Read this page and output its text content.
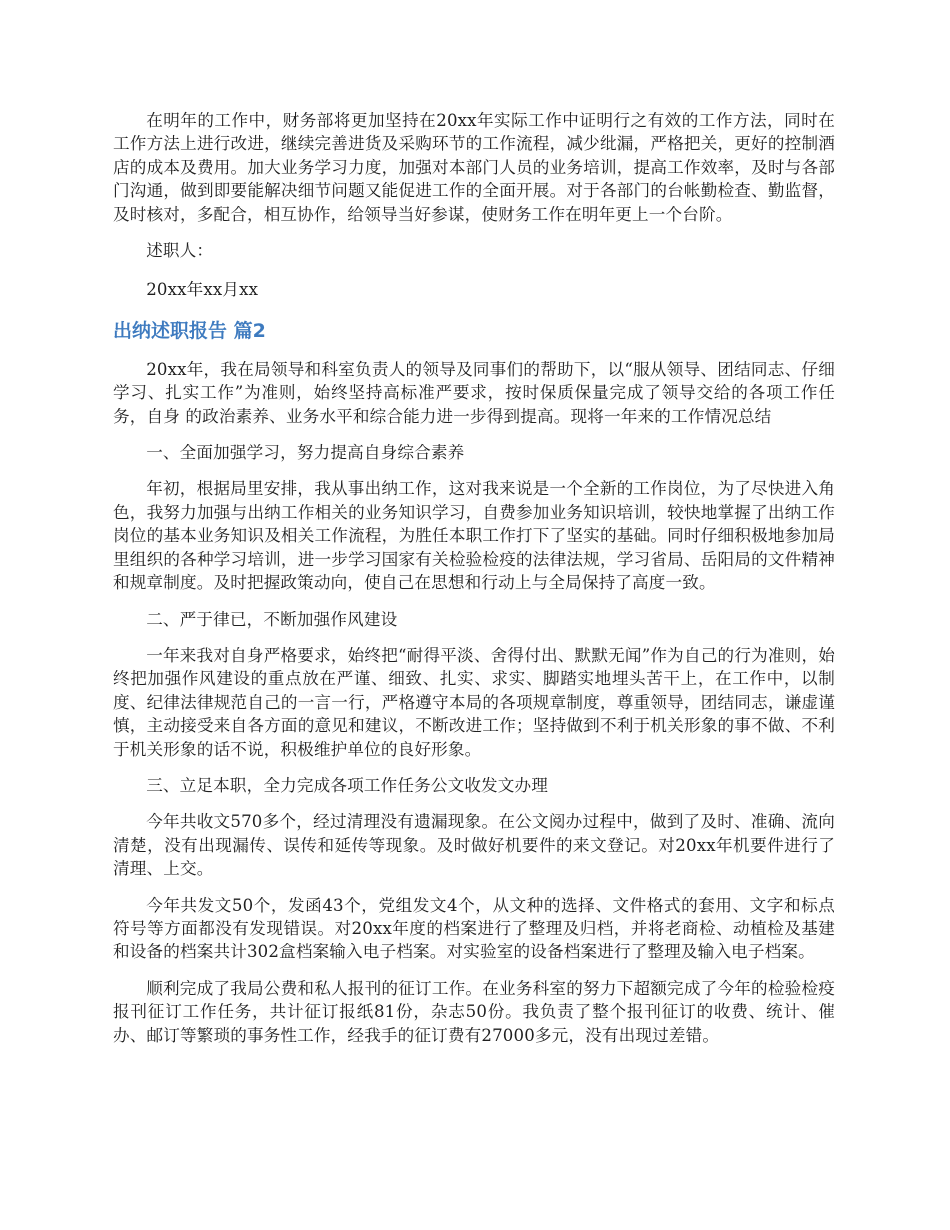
在明年的工作中，财务部将更加坚持在20xx年实际工作中证明行之有效的工作方法，同时在工作方法上进行改进，继续完善进货及采购环节的工作流程，减少纰漏，严格把关，更好的控制酒店的成本及费用。加大业务学习力度，加强对本部门人员的业务培训，提高工作效率，及时与各部门沟通，做到即要能解决细节问题又能促进工作的全面开展。对于各部门的台帐勤检查、勤监督，及时核对，多配合，相互协作，给领导当好参谋，使财务工作在明年更上一个台阶。

述职人：

20xx年xx月xx

出纳述职报告 篇2

20xx年，我在局领导和科室负责人的领导及同事们的帮助下，以“服从领导、团结同志、仔细学习、扎实工作”为准则，始终坚持高标准严要求，按时保质保量完成了领导交给的各项工作任务，自身 的政治素养、业务水平和综合能力进一步得到提高。现将一年来的工作情况总结

一、全面加强学习，努力提高自身综合素养

年初，根据局里安排，我从事出纳工作，这对我来说是一个全新的工作岗位，为了尽快进入角色，我努力加强与出纳工作相关的业务知识学习，自费参加业务知识培训，较快地掌握了出纳工作岗位的基本业务知识及相关工作流程，为胜任本职工作打下了坚实的基础。同时仔细积极地参加局里组织的各种学习培训，进一步学习国家有关检验检疫的法律法规，学习省局、岳阳局的文件精神和规章制度。及时把握政策动向，使自己在思想和行动上与全局保持了高度一致。

二、严于律已，不断加强作风建设

一年来我对自身严格要求，始终把“耐得平淡、舍得付出、默默无闻”作为自己的行为准则，始终把加强作风建设的重点放在严谨、细致、扎实、求实、脚踏实地埋头苦干上，在工作中，以制度、纪律法律规范自己的一言一行，严格遵守本局的各项规章制度，尊重领导，团结同志，谦虚谨慎，主动接受来自各方面的意见和建议，不断改进工作；坚持做到不利于机关形象的事不做、不利于机关形象的话不说，积极维护单位的良好形象。

三、立足本职，全力完成各项工作任务公文收发文办理

今年共收文570多个，经过清理没有遗漏现象。在公文阅办过程中，做到了及时、准确、流向清楚，没有出现漏传、误传和延传等现象。及时做好机要件的来文登记。对20xx年机要件进行了清理、上交。

今年共发文50个，发函43个，党组发文4个，从文种的选择、文件格式的套用、文字和标点符号等方面都没有发现错误。对20xx年度的档案进行了整理及归档，并将老商检、动植检及基建和设备的档案共计302盒档案输入电子档案。对实验室的设备档案进行了整理及输入电子档案。

顺利完成了我局公费和私人报刊的征订工作。在业务科室的努力下超额完成了今年的检验检疫报刊征订工作任务，共计征订报纸81份，杂志50份。我负责了整个报刊征订的收费、统计、催办、邮订等繁琐的事务性工作，经我手的征订费有27000多元，没有出现过差错。
